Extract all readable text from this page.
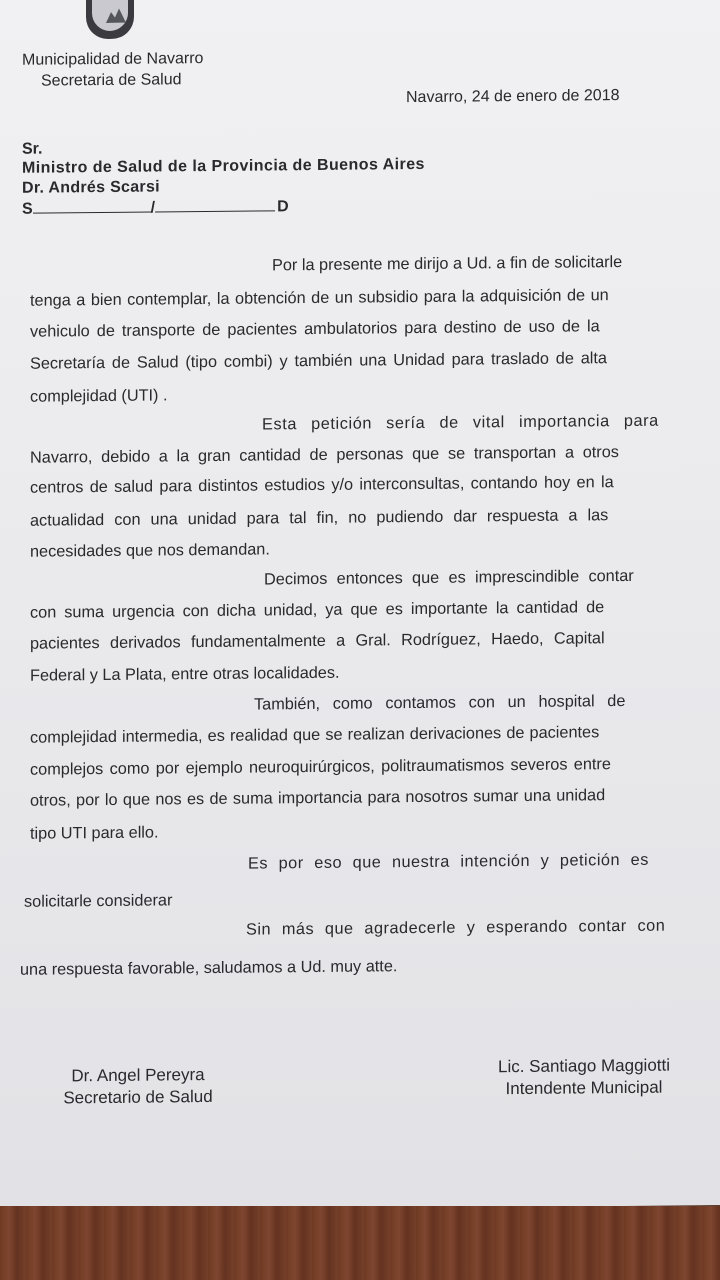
Municipalidad de Navarro
Secretaria de Salud
Navarro, 24 de enero de 2018
Sr.
Ministro de Salud de la Provincia de Buenos Aires
Dr. Andrés Scarsi
S	/	D
Por la presente me dirijo a Ud. a fin de solicitarle
tenga a bien contemplar, la obtención de un subsidio para la adquisición de un
vehiculo de transporte de pacientes ambulatorios para destino de uso de la
Secretaría de Salud (tipo combi) y también una Unidad para traslado de alta
complejidad (UTI) .
Esta petición sería de vital importancia para
Navarro, debido a la gran cantidad de personas que se transportan a otros
centros de salud para distintos estudios y/o interconsultas, contando hoy en la
actualidad con una unidad para tal fin, no pudiendo dar respuesta a las
necesidades que nos demandan.
Decimos entonces que es imprescindible contar
con suma urgencia con dicha unidad, ya que es importante la cantidad de
pacientes derivados fundamentalmente a Gral. Rodríguez, Haedo, Capital
Federal y La Plata, entre otras localidades.
También, como contamos con un hospital de
complejidad intermedia, es realidad que se realizan derivaciones de pacientes
complejos como por ejemplo neuroquirúrgicos, politraumatismos severos entre
otros, por lo que nos es de suma importancia para nosotros sumar una unidad
tipo UTI para ello.
Es por eso que nuestra intención y petición es
solicitarle considerar
Sin más que agradecerle y esperando contar con
una respuesta favorable, saludamos a Ud. muy atte.
Dr. Angel Pereyra
Secretario de Salud
Lic. Santiago Maggiotti
Intendente Municipal
